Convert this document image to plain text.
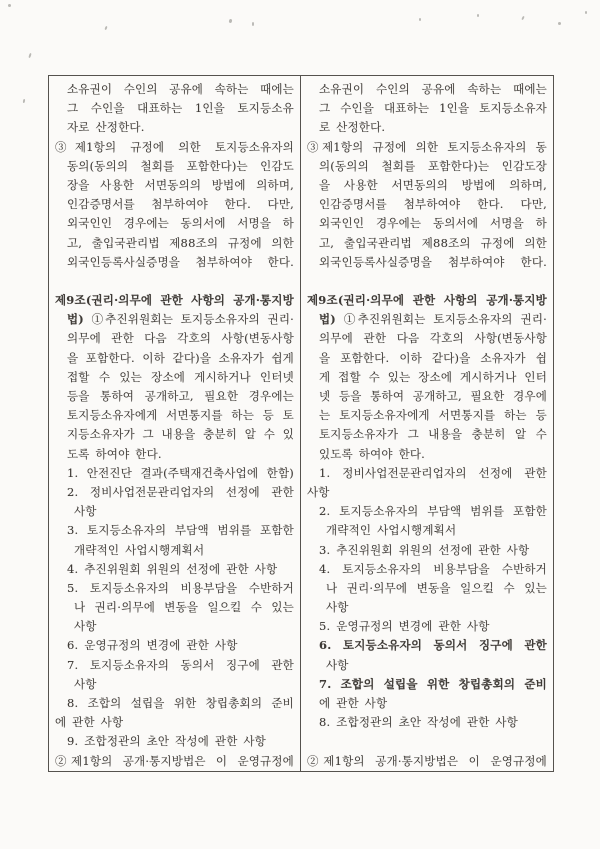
소유권이 수인의 공유에 속하는 때에는
그 수인을 대표하는 1인을 토지등소유
자로 산정한다.
③제1항의 규정에 의한 토지등소유자의
동의(동의의 철회를 포함한다)는 인감도
장을 사용한 서면동의의 방법에 의하며,
인감증명서를 첨부하여야 한다. 다만,
외국인인 경우에는 동의서에 서명을 하
고, 출입국관리법 제88조의 규정에 의한
외국인등록사실증명을 첨부하여야 한다.
제9조(권리·의무에 관한 사항의 공개·통지방
법) ①추진위원회는 토지등소유자의 권리·
의무에 관한 다음 각호의 사항(변동사항
을 포함한다. 이하 같다)을 소유자가 쉽게
접할 수 있는 장소에 게시하거나 인터넷
등을 통하여 공개하고, 필요한 경우에는
토지등소유자에게 서면통지를 하는 등 토
지등소유자가 그 내용을 충분히 알 수 있
도록 하여야 한다.
1. 안전진단 결과(주택재건축사업에 한함)
2. 정비사업전문관리업자의 선정에 관한
사항
3. 토지등소유자의 부담액 범위를 포함한
개략적인 사업시행계획서
4. 추진위원회 위원의 선정에 관한 사항
5. 토지등소유자의 비용부담을 수반하거
나 권리·의무에 변동을 일으킬 수 있는
사항
6. 운영규정의 변경에 관한 사항
7. 토지등소유자의 동의서 징구에 관한
사항
8. 조합의 설립을 위한 창립총회의 준비
에 관한 사항
9. 조합정관의 초안 작성에 관한 사항
②제1항의 공개·통지방법은 이 운영규정에
소유권이 수인의 공유에 속하는 때에는
그 수인을 대표하는 1인을 토지등소유자
로 산정한다.
③제1항의 규정에 의한 토지등소유자의 동
의(동의의 철회를 포함한다)는 인감도장
을 사용한 서면동의의 방법에 의하며,
인감증명서를 첨부하여야 한다. 다만,
외국인인 경우에는 동의서에 서명을 하
고, 출입국관리법 제88조의 규정에 의한
외국인등록사실증명을 첨부하여야 한다.
제9조(권리·의무에 관한 사항의 공개·통지방
법) ①추진위원회는 토지등소유자의 권리·
의무에 관한 다음 각호의 사항(변동사항
을 포함한다. 이하 같다)을 소유자가 쉽
게 접할 수 있는 장소에 게시하거나 인터
넷 등을 통하여 공개하고, 필요한 경우에
는 토지등소유자에게 서면통지를 하는 등
토지등소유자가 그 내용을 충분히 알 수
있도록 하여야 한다.
1. 정비사업전문관리업자의 선정에 관한
사항
2. 토지등소유자의 부담액 범위를 포함한
개략적인 사업시행계획서
3. 추진위원회 위원의 선정에 관한 사항
4. 토지등소유자의 비용부담을 수반하거
나 권리·의무에 변동을 일으킬 수 있는
사항
5. 운영규정의 변경에 관한 사항
6. 토지등소유자의 동의서 징구에 관한
사항
7. 조합의 설립을 위한 창립총회의 준비
에 관한 사항
8. 조합정관의 초안 작성에 관한 사항
②제1항의 공개·통지방법은 이 운영규정에
